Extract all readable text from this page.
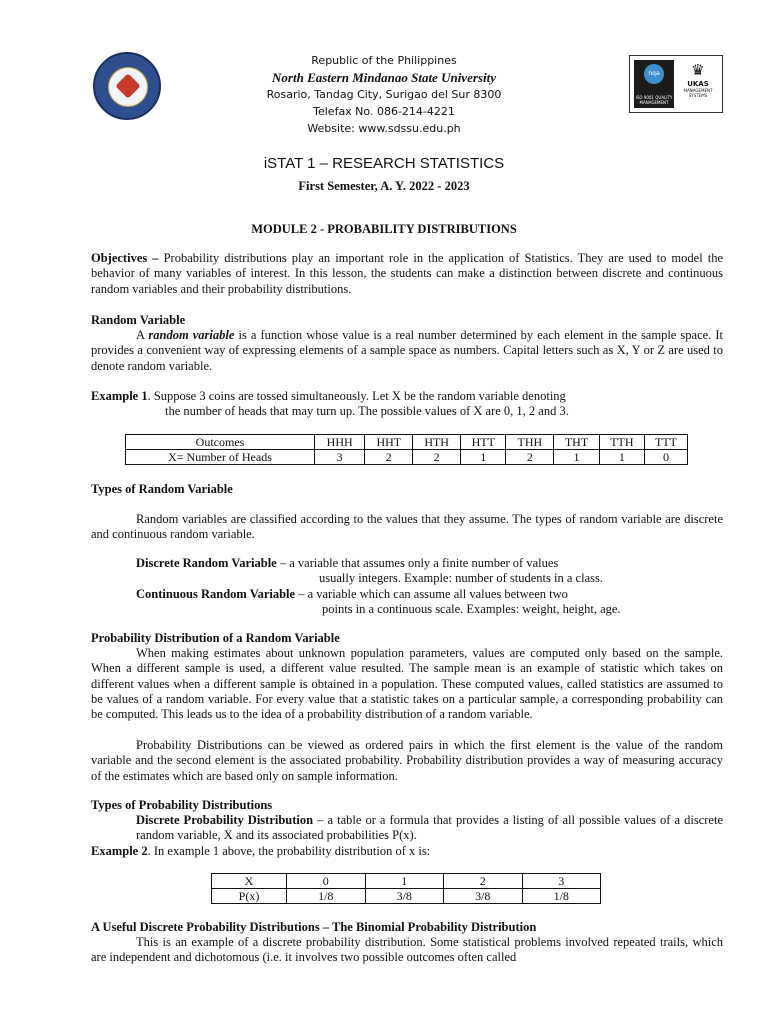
Republic of the Philippines
North Eastern Mindanao State University
Rosario, Tandag City, Surigao del Sur 8300
Telefax No. 086-214-4221
Website: www.sdssu.edu.ph
nqa
ISO 9001 QUALITY MANAGEMENT
♛
UKAS
MANAGEMENT SYSTEMS
iSTAT 1 – RESEARCH STATISTICS
First Semester, A. Y. 2022 - 2023
MODULE 2 - PROBABILITY DISTRIBUTIONS
Objectives – Probability distributions play an important role in the application of Statistics. They are used to model the behavior of many variables of interest. In this lesson, the students can make a distinction between discrete and continuous random variables and their probability distributions.
Random Variable
A random variable is a function whose value is a real number determined by each element in the sample space. It provides a convenient way of expressing elements of a sample space as numbers. Capital letters such as X, Y or Z are used to denote random variable.
Example 1. Suppose 3 coins are tossed simultaneously. Let X be the random variable denoting
the number of heads that may turn up. The possible values of X are 0, 1, 2 and 3.
Outcomes	HHH	HHT	HTH	HTT	THH	THT	TTH	TTT
X= Number of Heads	3	2	2	1	2	1	1	0
Types of Random Variable
Random variables are classified according to the values that they assume. The types of random variable are discrete and continuous random variable.
Discrete Random Variable – a variable that assumes only a finite number of values
usually integers. Example: number of students in a class.
Continuous Random Variable – a variable which can assume all values between two
points in a continuous scale. Examples: weight, height, age.
Probability Distribution of a Random Variable
When making estimates about unknown population parameters, values are computed only based on the sample. When a different sample is used, a different value resulted. The sample mean is an example of statistic which takes on different values when a different sample is obtained in a population. These computed values, called statistics are assumed to be values of a random variable. For every value that a statistic takes on a particular sample, a corresponding probability can be computed. This leads us to the idea of a probability distribution of a random variable.
Probability Distributions can be viewed as ordered pairs in which the first element is the value of the random variable and the second element is the associated probability. Probability distribution provides a way of measuring accuracy of the estimates which are based only on sample information.
Types of Probability Distributions
Discrete Probability Distribution – a table or a formula that provides a listing of all possible values of a discrete random variable, X and its associated probabilities P(x).
Example 2. In example 1 above, the probability distribution of x is:
X	0	1	2	3
P(x)	1/8	3/8	3/8	1/8
A Useful Discrete Probability Distributions – The Binomial Probability Distribution
This is an example of a discrete probability distribution. Some statistical problems involved repeated trails, which are independent and dichotomous (i.e. it involves two possible outcomes often called
